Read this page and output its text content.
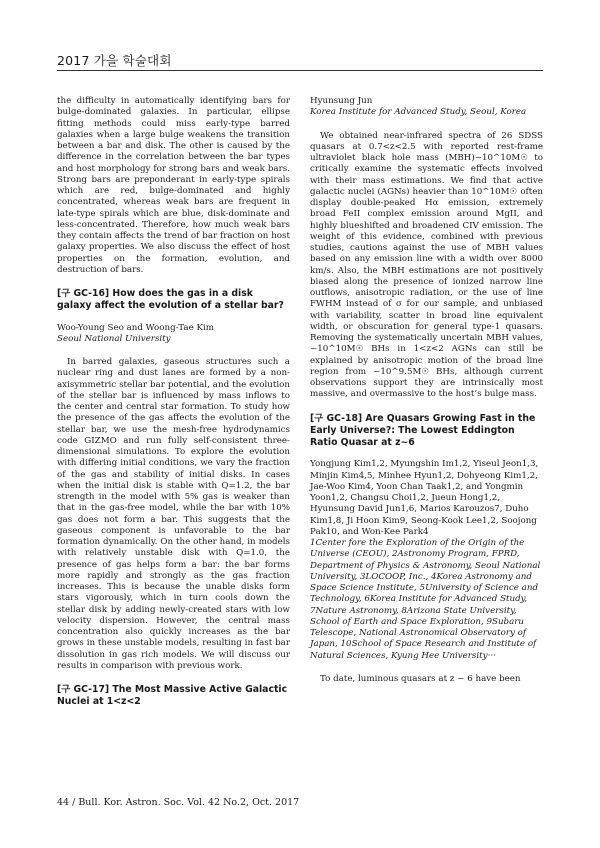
2017 가을 학술대회

the difficulty in automatically identifying bars for bulge-dominated galaxies. In particular, ellipse fitting methods could miss early-type barred galaxies when a large bulge weakens the transition between a bar and disk. The other is caused by the difference in the correlation between the bar types and host morphology for strong bars and weak bars. Strong bars are preponderant in early-type spirals which are red, bulge-dominated and highly concentrated, whereas weak bars are frequent in late-type spirals which are blue, disk-dominate and less-concentrated. Therefore, how much weak bars they contain affects the trend of bar fraction on host galaxy properties. We also discuss the effect of host properties on the formation, evolution, and destruction of bars.

[구 GC-16] How does the gas in a disk galaxy affect the evolution of a stellar bar?

Woo-Young Seo and Woong-Tae Kim

Seoul National University

In barred galaxies, gaseous structures such a nuclear ring and dust lanes are formed by a non-axisymmetric stellar bar potential, and the evolution of the stellar bar is influenced by mass inflows to the center and central star formation. To study how the presence of the gas affects the evolution of the stellar bar, we use the mesh-free hydrodynamics code GIZMO and run fully self-consistent three-dimensional simulations. To explore the evolution with differing initial conditions, we vary the fraction of the gas and stability of initial disks. In cases when the initial disk is stable with Q=1.2, the bar strength in the model with 5% gas is weaker than that in the gas-free model, while the bar with 10% gas does not form a bar. This suggests that the gaseous component is unfavorable to the bar formation dynamically. On the other hand, in models with relatively unstable disk with Q=1.0, the presence of gas helps form a bar: the bar forms more rapidly and strongly as the gas fraction increases. This is because the unable disks form stars vigorously, which in turn cools down the stellar disk by adding newly-created stars with low velocity dispersion. However, the central mass concentration also quickly increases as the bar grows in these unstable models, resulting in fast bar dissolution in gas rich models. We will discuss our results in comparison with previous work.

[구 GC-17] The Most Massive Active Galactic Nuclei at 1<z<2

Hyunsung Jun

Korea Institute for Advanced Study, Seoul, Korea

We obtained near-infrared spectra of 26 SDSS quasars at 0.7<z<2.5 with reported rest-frame ultraviolet black hole mass (MBH)~10^10M☉ to critically examine the systematic effects involved with their mass estimations. We find that active galactic nuclei (AGNs) heavier than 10^10M☉ often display double-peaked Hα emission, extremely broad FeII complex emission around MgII, and highly blueshifted and broadened CIV emission. The weight of this evidence, combined with previous studies, cautions against the use of MBH values based on any emission line with a width over 8000 km/s. Also, the MBH estimations are not positively biased along the presence of ionized narrow line outflows, anisotropic radiation, or the use of line FWHM instead of σ for our sample, and unbiased with variability, scatter in broad line equivalent width, or obscuration for general type-1 quasars. Removing the systematically uncertain MBH values, ~10^10M☉ BHs in 1<z<2 AGNs can still be explained by anisotropic motion of the broad line region from ~10^9.5M☉ BHs, although current observations support they are intrinsically most massive, and overmassive to the host’s bulge mass.

[구 GC-18] Are Quasars Growing Fast in the Early Universe?: The Lowest Eddington Ratio Quasar at z~6

Yongjung Kim1,2, Myungshin Im1,2, Yiseul Jeon1,3, Minjin Kim4,5, Minhee Hyun1,2, Dohyeong Kim1,2, Jae-Woo Kim4, Yoon Chan Taak1,2, and Yongmin Yoon1,2, Changsu Choi1,2, Jueun Hong1,2, Hyunsung David Jun1,6, Marios Karouzos7, Duho Kim1,8, Ji Hoon Kim9, Seong-Kook Lee1,2, Soojong Pak10, and Won-Kee Park4

1Center fore the Exploration of the Origin of the Universe (CEOU), 2Astronomy Program, FPRD, Department of Physics & Astronomy, Seoul National University, 3LOCOOP, Inc., 4Korea Astronomy and Space Science Institute, 5University of Science and Technology, 6Korea Institute for Advanced Study, 7Nature Astronomy, 8Arizona State University, School of Earth and Space Exploration, 9Subaru Telescope, National Astronomical Observatory of Japan, 10School of Space Research and Institute of Natural Sciences, Kyung Hee University···

To date, luminous quasars at z ~ 6 have been

44 / Bull. Kor. Astron. Soc. Vol. 42 No.2, Oct. 2017
